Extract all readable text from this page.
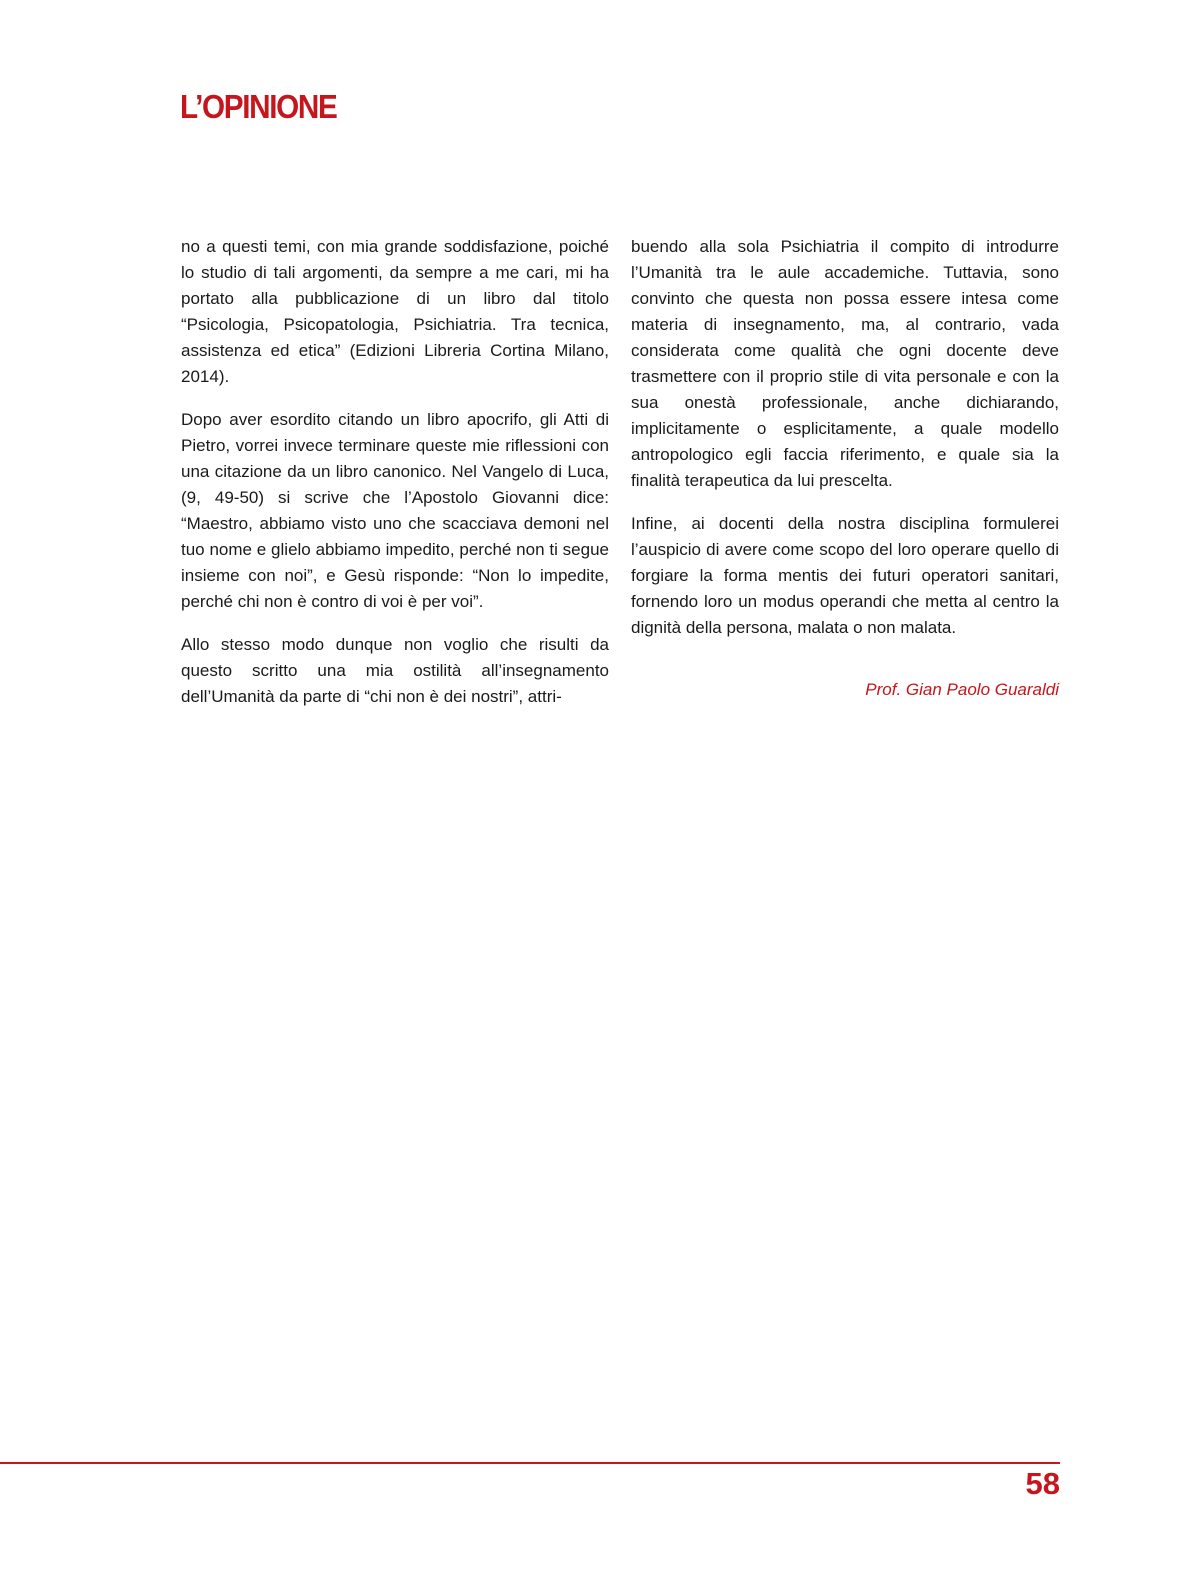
L’OPINIONE

no a questi temi, con mia grande soddisfazione, poiché lo studio di tali argomenti, da sempre a me cari, mi ha portato alla pubblicazione di un libro dal titolo “Psicologia, Psicopatologia, Psichiatria. Tra tecnica, assistenza ed etica” (Edizioni Libreria Cortina Milano, 2014).

Dopo aver esordito citando un libro apocrifo, gli Atti di Pietro, vorrei invece terminare queste mie riflessioni con una citazione da un libro canonico. Nel Vangelo di Luca, (9, 49-50) si scrive che l’Apostolo Giovanni dice: “Maestro, abbiamo visto uno che scacciava demoni nel tuo nome e glielo abbiamo impedito, perché non ti segue insieme con noi”, e Gesù risponde: “Non lo impedite, perché chi non è contro di voi è per voi”.

Allo stesso modo dunque non voglio che risulti da questo scritto una mia ostilità all’insegnamento dell’Umanità da parte di “chi non è dei nostri”, attri-

buendo alla sola Psichiatria il compito di introdurre l’Umanità tra le aule accademiche. Tuttavia, sono convinto che questa non possa essere intesa come materia di insegnamento, ma, al contrario, vada considerata come qualità che ogni docente deve trasmettere con il proprio stile di vita personale e con la sua onestà professionale, anche dichiarando, implicitamente o esplicitamente, a quale modello antropologico egli faccia riferimento, e quale sia la finalità terapeutica da lui prescelta.

Infine, ai docenti della nostra disciplina formulerei l’auspicio di avere come scopo del loro operare quello di forgiare la forma mentis dei futuri operatori sanitari, fornendo loro un modus operandi che metta al centro la dignità della persona, malata o non malata.

Prof. Gian Paolo Guaraldi

58
